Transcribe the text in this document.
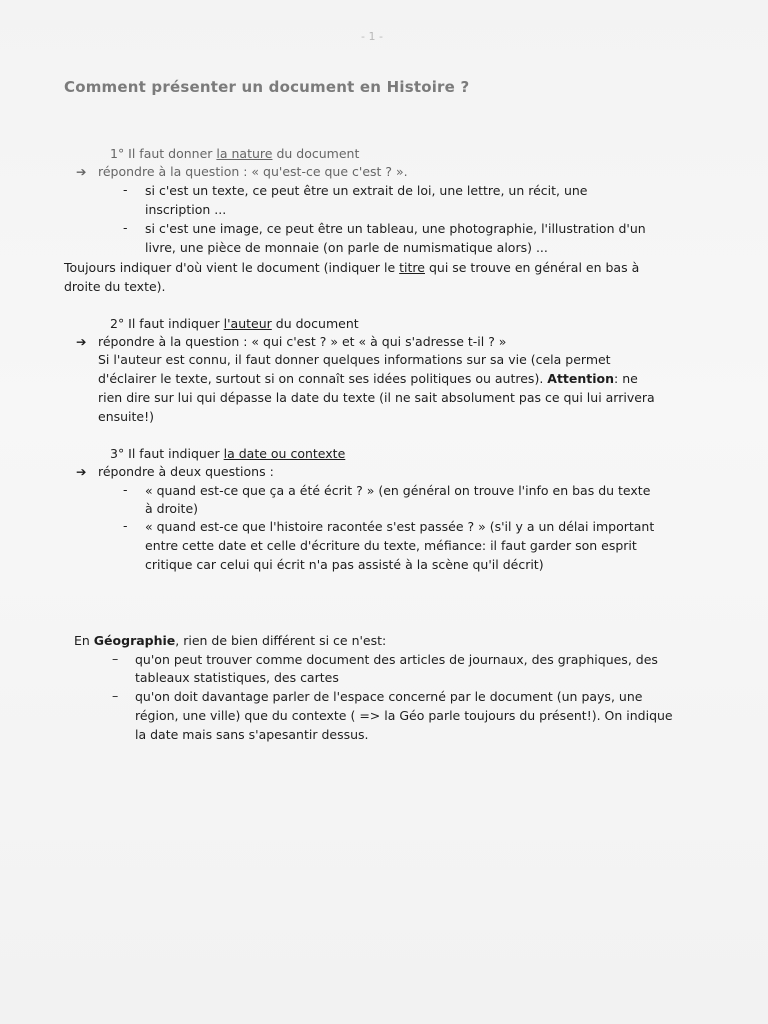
- 1 -
Comment présenter un document en Histoire ?
1° Il faut donner la nature du document
➔ répondre à la question : « qu'est-ce que c'est ? ».
- si c'est un texte, ce peut être un extrait de loi, une lettre, un récit, une
inscription ...
- si c'est une image, ce peut être un tableau, une photographie, l'illustration d'un
livre, une pièce de monnaie (on parle de numismatique alors) ...
Toujours indiquer d'où vient le document (indiquer le titre qui se trouve en général en bas à
droite du texte).
2° Il faut indiquer l'auteur du document
➔ répondre à la question : « qui c'est ? » et « à qui s'adresse t-il ? »
Si l'auteur est connu, il faut donner quelques informations sur sa vie (cela permet
d'éclairer le texte, surtout si on connaît ses idées politiques ou autres). Attention: ne
rien dire sur lui qui dépasse la date du texte (il ne sait absolument pas ce qui lui arrivera
ensuite!)
3° Il faut indiquer la date ou contexte
➔ répondre à deux questions :
- « quand est-ce que ça a été écrit ? » (en général on trouve l'info en bas du texte
à droite)
- « quand est-ce que l'histoire racontée s'est passée ? » (s'il y a un délai important
entre cette date et celle d'écriture du texte, méfiance: il faut garder son esprit
critique car celui qui écrit n'a pas assisté à la scène qu'il décrit)
En Géographie, rien de bien différent si ce n'est:
– qu'on peut trouver comme document des articles de journaux, des graphiques, des
tableaux statistiques, des cartes
– qu'on doit davantage parler de l'espace concerné par le document (un pays, une
région, une ville) que du contexte ( => la Géo parle toujours du présent!). On indique
la date mais sans s'apesantir dessus.
